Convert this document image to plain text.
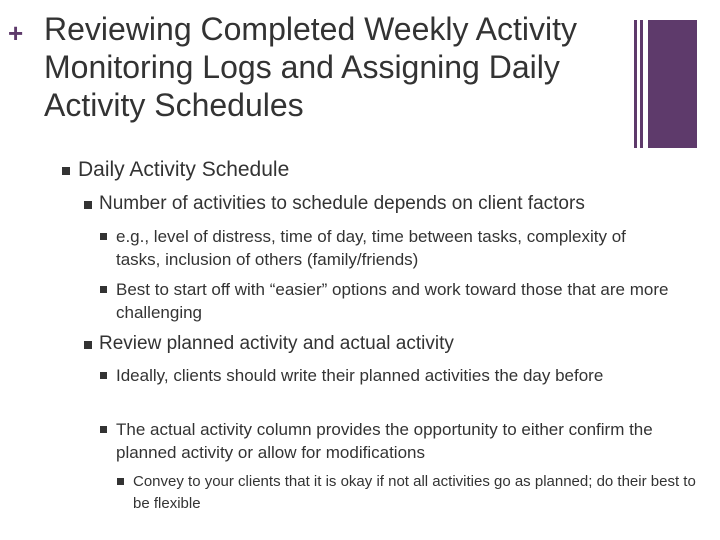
+ Reviewing Completed Weekly Activity Monitoring Logs and Assigning Daily Activity Schedules
Daily Activity Schedule
Number of activities to schedule depends on client factors
e.g., level of distress, time of day, time between tasks, complexity of tasks, inclusion of others (family/friends)
Best to start off with “easier” options and work toward those that are more challenging
Review planned activity and actual activity
Ideally, clients should write their planned activities the day before
The actual activity column provides the opportunity to either confirm the planned activity or allow for modifications
Convey to your clients that it is okay if not all activities go as planned; do their best to be flexible
